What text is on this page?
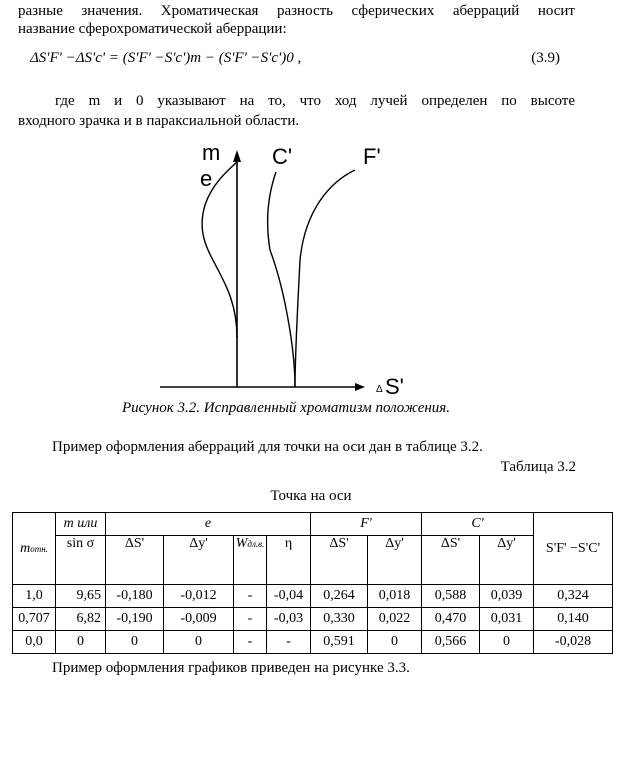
разные значения. Хроматическая разность сферических аберраций носит
название сферохроматической аберрации:
ΔS'F' −ΔS'c' = (S'F' −S'c')m − (S'F' −S'c')0 ,	(3.9)
где m и 0 указывают на то, что ход лучей определен по высоте
входного зрачка и в параксиальной области.
m
e
C'	F'
Δ S'
Рисунок 3.2. Исправленный хроматизм положения.
Пример оформления аберраций для точки на оси дан в таблице 3.2.
Таблица 3.2
Точка на оси
mотн.	m или	e				F'		C'		S'F' −S'C'
	sin σ	ΔS'	Δy'	Wдл.в.	η	ΔS'	Δy'	ΔS'	Δy'	
1,0	9,65	-0,180	-0,012	-	-0,04	0,264	0,018	0,588	0,039	0,324
0,707	6,82	-0,190	-0,009	-	-0,03	0,330	0,022	0,470	0,031	0,140
0,0	0	0	0	-	-	0,591	0	0,566	0	-0,028
Пример оформления графиков приведен на рисунке 3.3.
